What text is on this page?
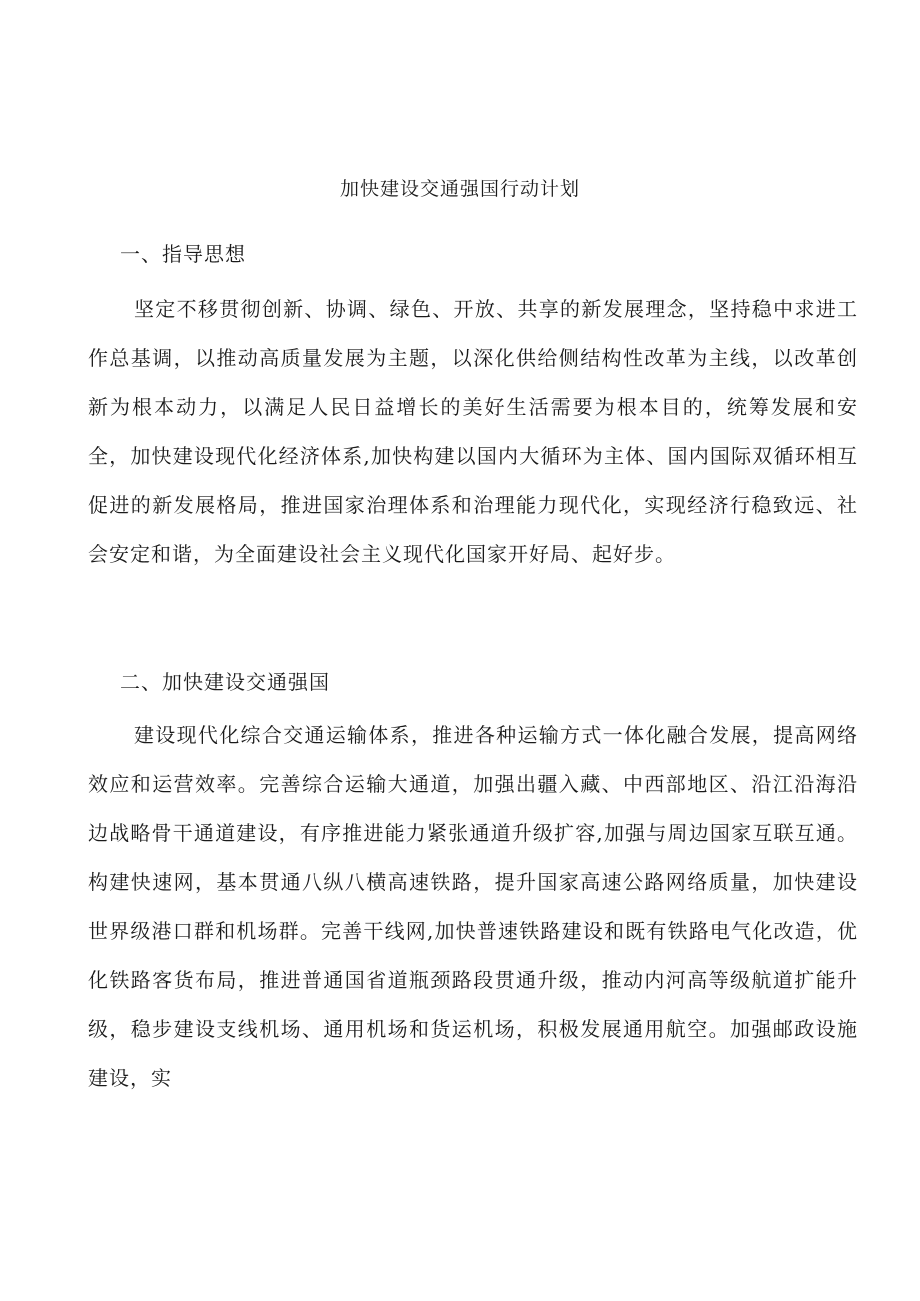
加快建设交通强国行动计划
一、指导思想

坚定不移贯彻创新、协调、绿色、开放、共享的新发展理念，坚持稳中求进工作总基调，以推动高质量发展为主题，以深化供给侧结构性改革为主线，以改革创新为根本动力，以满足人民日益增长的美好生活需要为根本目的，统筹发展和安全，加快建设现代化经济体系,加快构建以国内大循环为主体、国内国际双循环相互促进的新发展格局，推进国家治理体系和治理能力现代化，实现经济行稳致远、社会安定和谐，为全面建设社会主义现代化国家开好局、起好步。

二、加快建设交通强国

建设现代化综合交通运输体系，推进各种运输方式一体化融合发展，提高网络效应和运营效率。完善综合运输大通道，加强出疆入藏、中西部地区、沿江沿海沿边战略骨干通道建设，有序推进能力紧张通道升级扩容,加强与周边国家互联互通。构建快速网，基本贯通八纵八横高速铁路，提升国家高速公路网络质量，加快建设世界级港口群和机场群。完善干线网,加快普速铁路建设和既有铁路电气化改造，优化铁路客货布局，推进普通国省道瓶颈路段贯通升级，推动内河高等级航道扩能升级，稳步建设支线机场、通用机场和货运机场，积极发展通用航空。加强邮政设施建设，实
